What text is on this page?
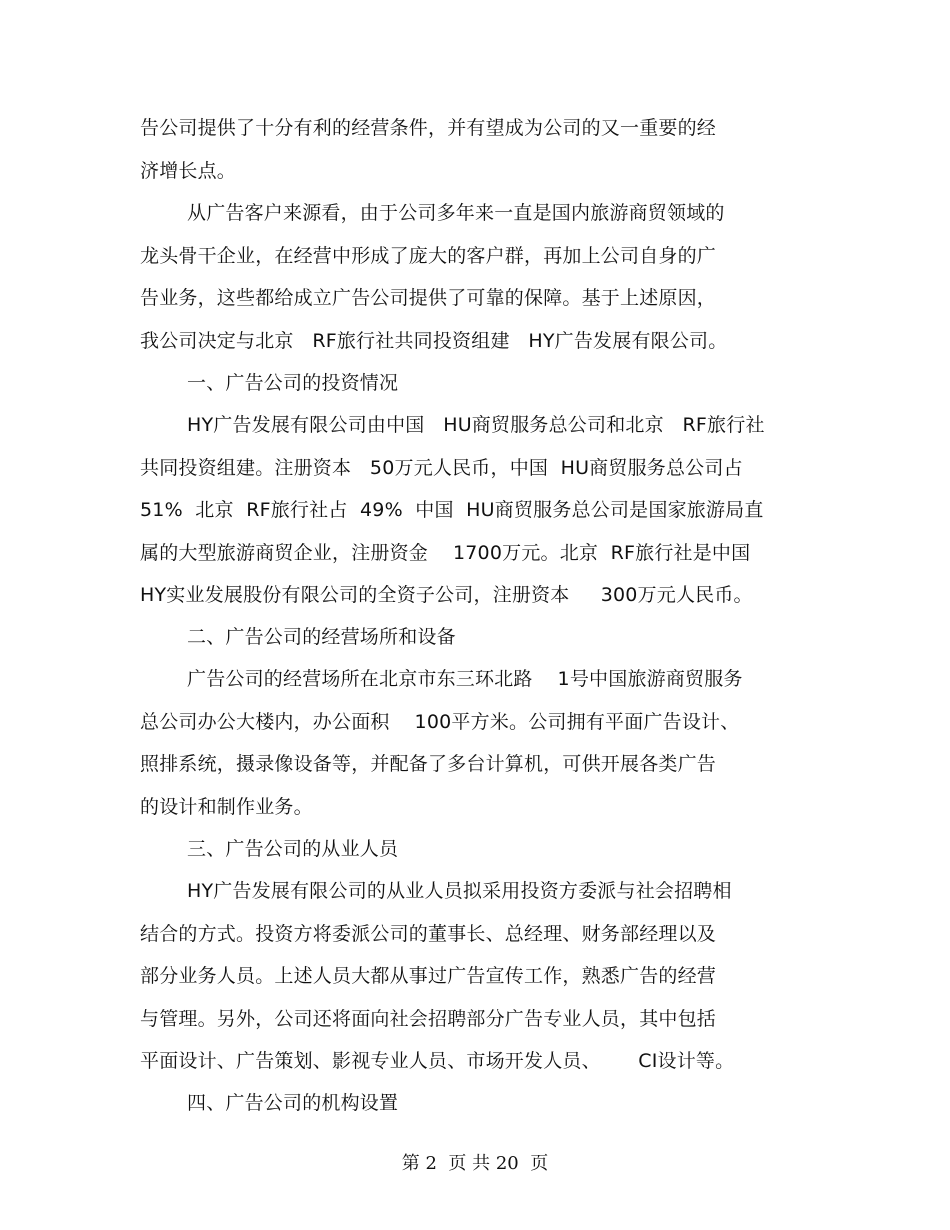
告公司提供了十分有利的经营条件，并有望成为公司的又一重要的经
济增长点。
从广告客户来源看，由于公司多年来一直是国内旅游商贸领域的
龙头骨干企业，在经营中形成了庞大的客户群，再加上公司自身的广
告业务，这些都给成立广告公司提供了可靠的保障。基于上述原因，
我公司决定与北京   RF旅行社共同投资组建   HY广告发展有限公司。
一、广告公司的投资情况
HY广告发展有限公司由中国   HU商贸服务总公司和北京   RF旅行社
共同投资组建。注册资本   50万元人民币，中国  HU商贸服务总公司占
51%  北京  RF旅行社占  49%  中国  HU商贸服务总公司是国家旅游局直
属的大型旅游商贸企业，注册资金    1700万元。北京  RF旅行社是中国
HY实业发展股份有限公司的全资子公司，注册资本     300万元人民币。
二、广告公司的经营场所和设备
广告公司的经营场所在北京市东三环北路    1号中国旅游商贸服务
总公司办公大楼内，办公面积    100平方米。公司拥有平面广告设计、
照排系统，摄录像设备等，并配备了多台计算机，可供开展各类广告
的设计和制作业务。
三、广告公司的从业人员
HY广告发展有限公司的从业人员拟采用投资方委派与社会招聘相
结合的方式。投资方将委派公司的董事长、总经理、财务部经理以及
部分业务人员。上述人员大都从事过广告宣传工作，熟悉广告的经营
与管理。另外，公司还将面向社会招聘部分广告专业人员，其中包括
平面设计、广告策划、影视专业人员、市场开发人员、      CI设计等。
四、广告公司的机构设置
第 2  页 共 20  页
